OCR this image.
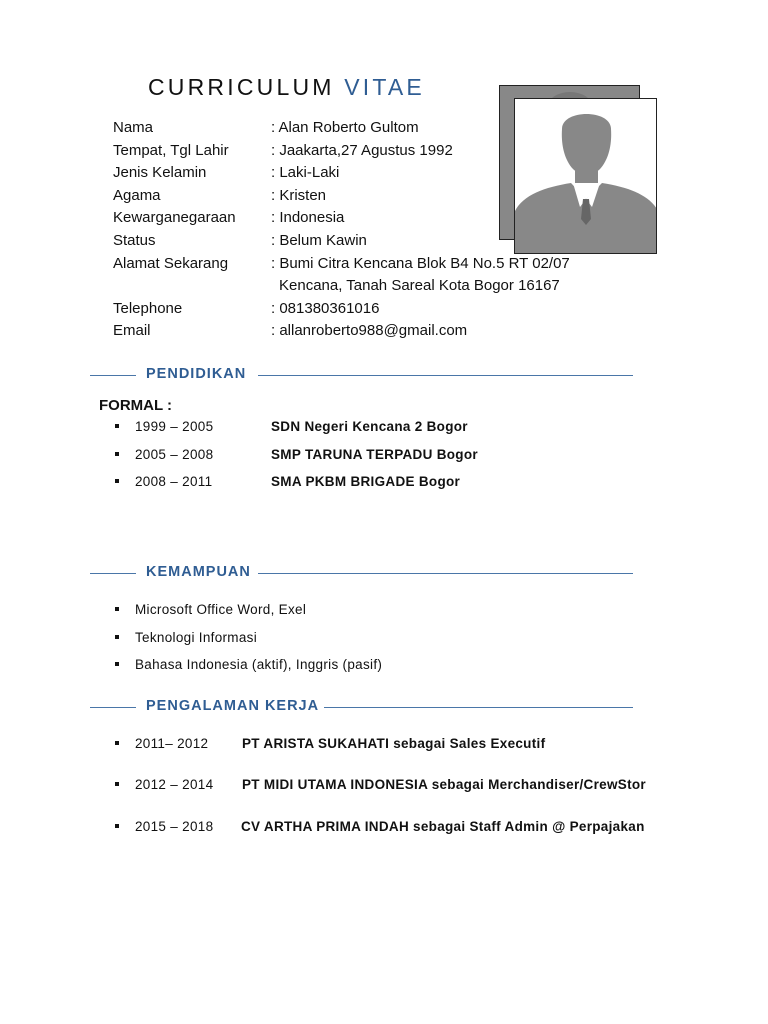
CURRICULUM VITAE
Nama	: Alan Roberto Gultom
Tempat, Tgl Lahir	: Jaakarta,27 Agustus 1992
Jenis Kelamin	: Laki-Laki
Agama	: Kristen
Kewarganegaraan : Indonesia
Status	: Belum Kawin
Alamat Sekarang	: Bumi Citra Kencana Blok B4 No.5 RT 02/07
Kencana, Tanah Sareal Kota Bogor 16167
Telephone	: 081380361016
Email	: allanroberto988@gmail.com
PENDIDIKAN
FORMAL :
1999 – 2005	SDN Negeri Kencana 2 Bogor
2005 – 2008	SMP TARUNA TERPADU Bogor
2008 – 2011	SMA PKBM BRIGADE Bogor
KEMAMPUAN
Microsoft Office Word, Exel
Teknologi Informasi
Bahasa Indonesia (aktif), Inggris (pasif)
PENGALAMAN KERJA
2011– 2012 PT ARISTA SUKAHATI sebagai Sales Executif
2012 – 2014 PT MIDI UTAMA INDONESIA sebagai Merchandiser/CrewStor
2015 – 2018 CV ARTHA PRIMA INDAH sebagai Staff Admin @ Perpajakan
